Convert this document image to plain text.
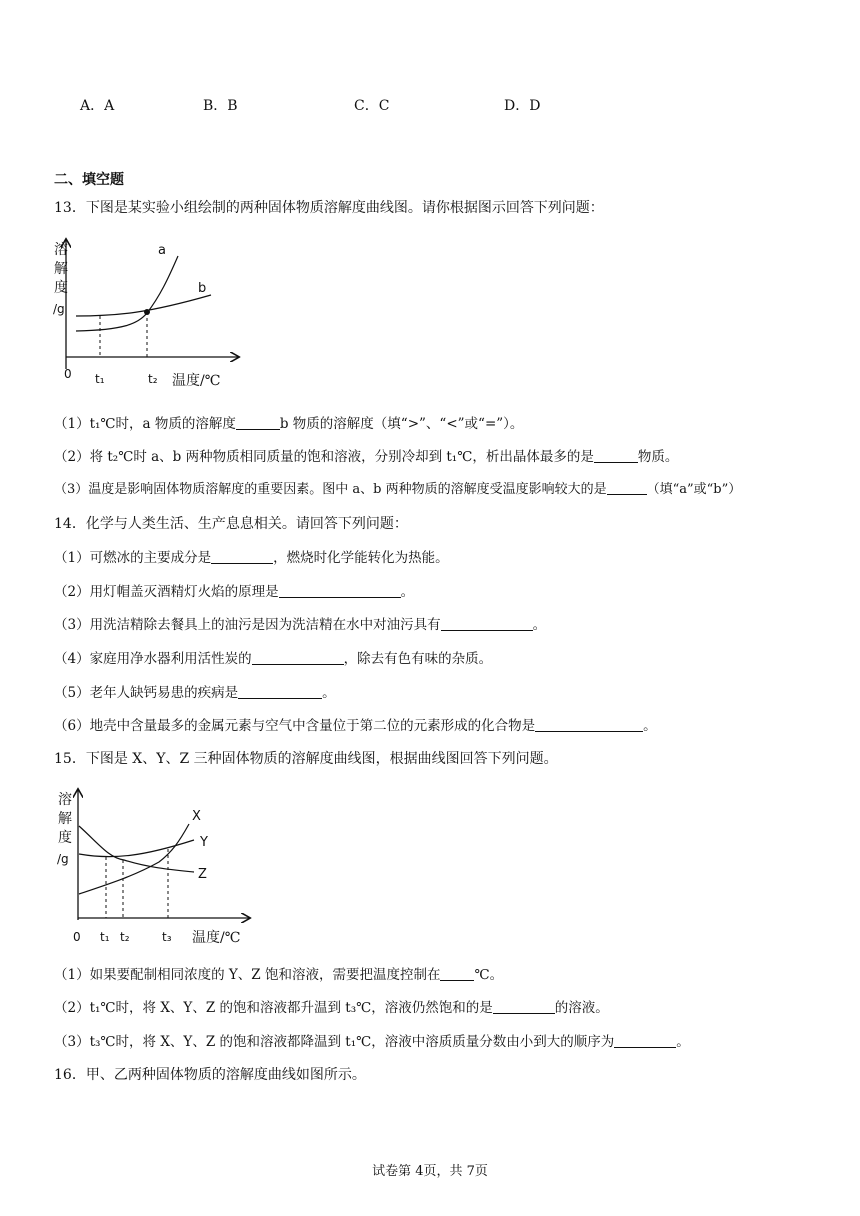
A．A	B．B	C．C	D．D
二、填空题
13．下图是某实验小组绘制的两种固体物质溶解度曲线图。请你根据图示回答下列问题：
溶
解
度
/g
a
b
0 t₁	t₂ 温度/℃
（1）t₁℃时，a 物质的溶解度	b 物质的溶解度（填“>”、“<”或“=”）。
（2）将 t₂℃时 a、b 两种物质相同质量的饱和溶液，分别冷却到 t₁℃，析出晶体最多的是	物质。
（3）温度是影响固体物质溶解度的重要因素。图中 a、b 两种物质的溶解度受温度影响较大的是	（填“a”或“b”）
14．化学与人类生活、生产息息相关。请回答下列问题：
（1）可燃冰的主要成分是	，燃烧时化学能转化为热能。
（2）用灯帽盖灭酒精灯火焰的原理是	。
（3）用洗洁精除去餐具上的油污是因为洗洁精在水中对油污具有	。
（4）家庭用净水器利用活性炭的	，除去有色有味的杂质。
（5）老年人缺钙易患的疾病是	。
（6）地壳中含量最多的金属元素与空气中含量位于第二位的元素形成的化合物是	。
15．下图是 X、Y、Z 三种固体物质的溶解度曲线图，根据曲线图回答下列问题。
溶
解
度
/g
X
Y
Z
0 t₁ t₂	t₃ 温度/℃
（1）如果要配制相同浓度的 Y、Z 饱和溶液，需要把温度控制在	℃。
（2）t₁℃时，将 X、Y、Z 的饱和溶液都升温到 t₃℃，溶液仍然饱和的是	的溶液。
（3）t₃℃时，将 X、Y、Z 的饱和溶液都降温到 t₁℃，溶液中溶质质量分数由小到大的顺序为	。
16．甲、乙两种固体物质的溶解度曲线如图所示。
试卷第 4页，共 7页
